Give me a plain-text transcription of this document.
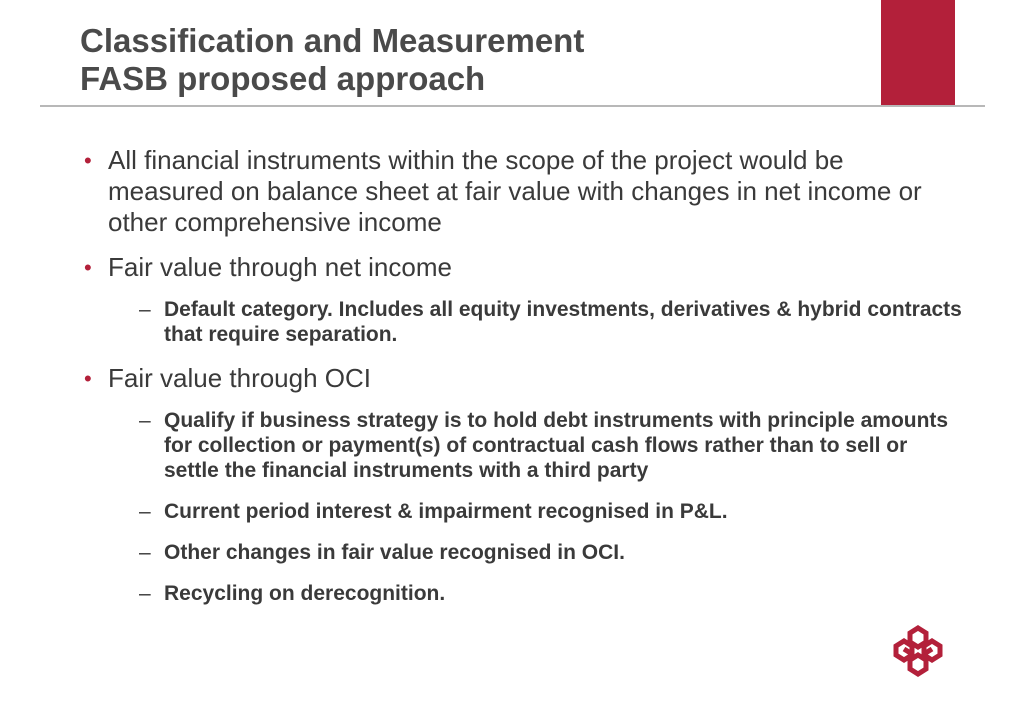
Classification and Measurement
FASB proposed approach
• All financial instruments within the scope of the project would be measured on balance sheet at fair value with changes in net income or other comprehensive income
• Fair value through net income
– Default category. Includes all equity investments, derivatives & hybrid contracts that require separation.
• Fair value through OCI
– Qualify if business strategy is to hold debt instruments with principle amounts for collection or payment(s) of contractual cash flows rather than to sell or settle the financial instruments with a third party
– Current period interest & impairment recognised in P&L.
– Other changes in fair value recognised in OCI.
– Recycling on derecognition.
